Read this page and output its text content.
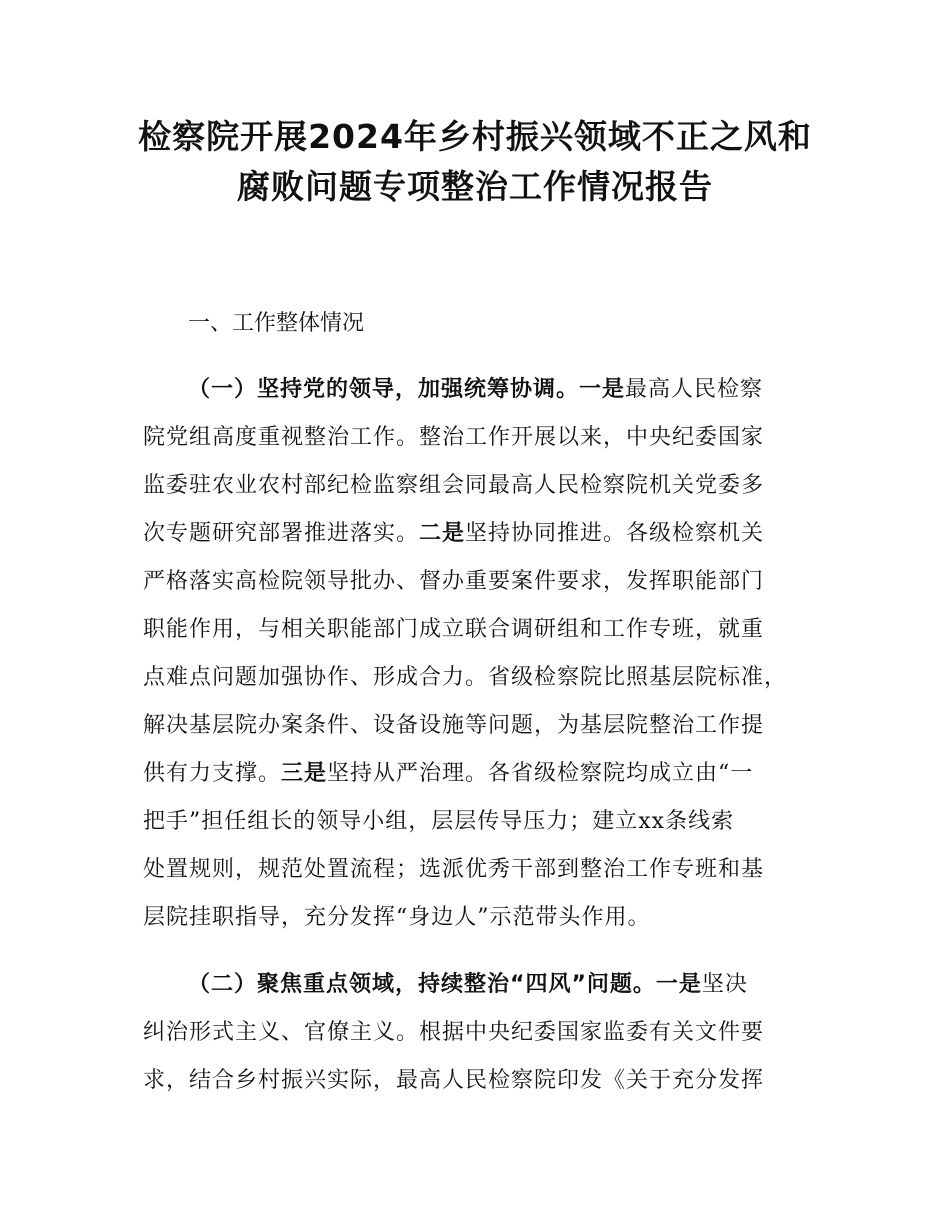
检察院开展2024年乡村振兴领域不正之风和
腐败问题专项整治工作情况报告
一、工作整体情况
（一）坚持党的领导，加强统筹协调。一是最高人民检察
院党组高度重视整治工作。整治工作开展以来，中央纪委国家
监委驻农业农村部纪检监察组会同最高人民检察院机关党委多
次专题研究部署推进落实。二是坚持协同推进。各级检察机关
严格落实高检院领导批办、督办重要案件要求，发挥职能部门
职能作用，与相关职能部门成立联合调研组和工作专班，就重
点难点问题加强协作、形成合力。省级检察院比照基层院标准，
解决基层院办案条件、设备设施等问题，为基层院整治工作提
供有力支撑。三是坚持从严治理。各省级检察院均成立由“一
把手”担任组长的领导小组，层层传导压力；建立xx条线索
处置规则，规范处置流程；选派优秀干部到整治工作专班和基
层院挂职指导，充分发挥“身边人”示范带头作用。
（二）聚焦重点领域，持续整治“四风”问题。一是坚决
纠治形式主义、官僚主义。根据中央纪委国家监委有关文件要
求，结合乡村振兴实际，最高人民检察院印发《关于充分发挥
